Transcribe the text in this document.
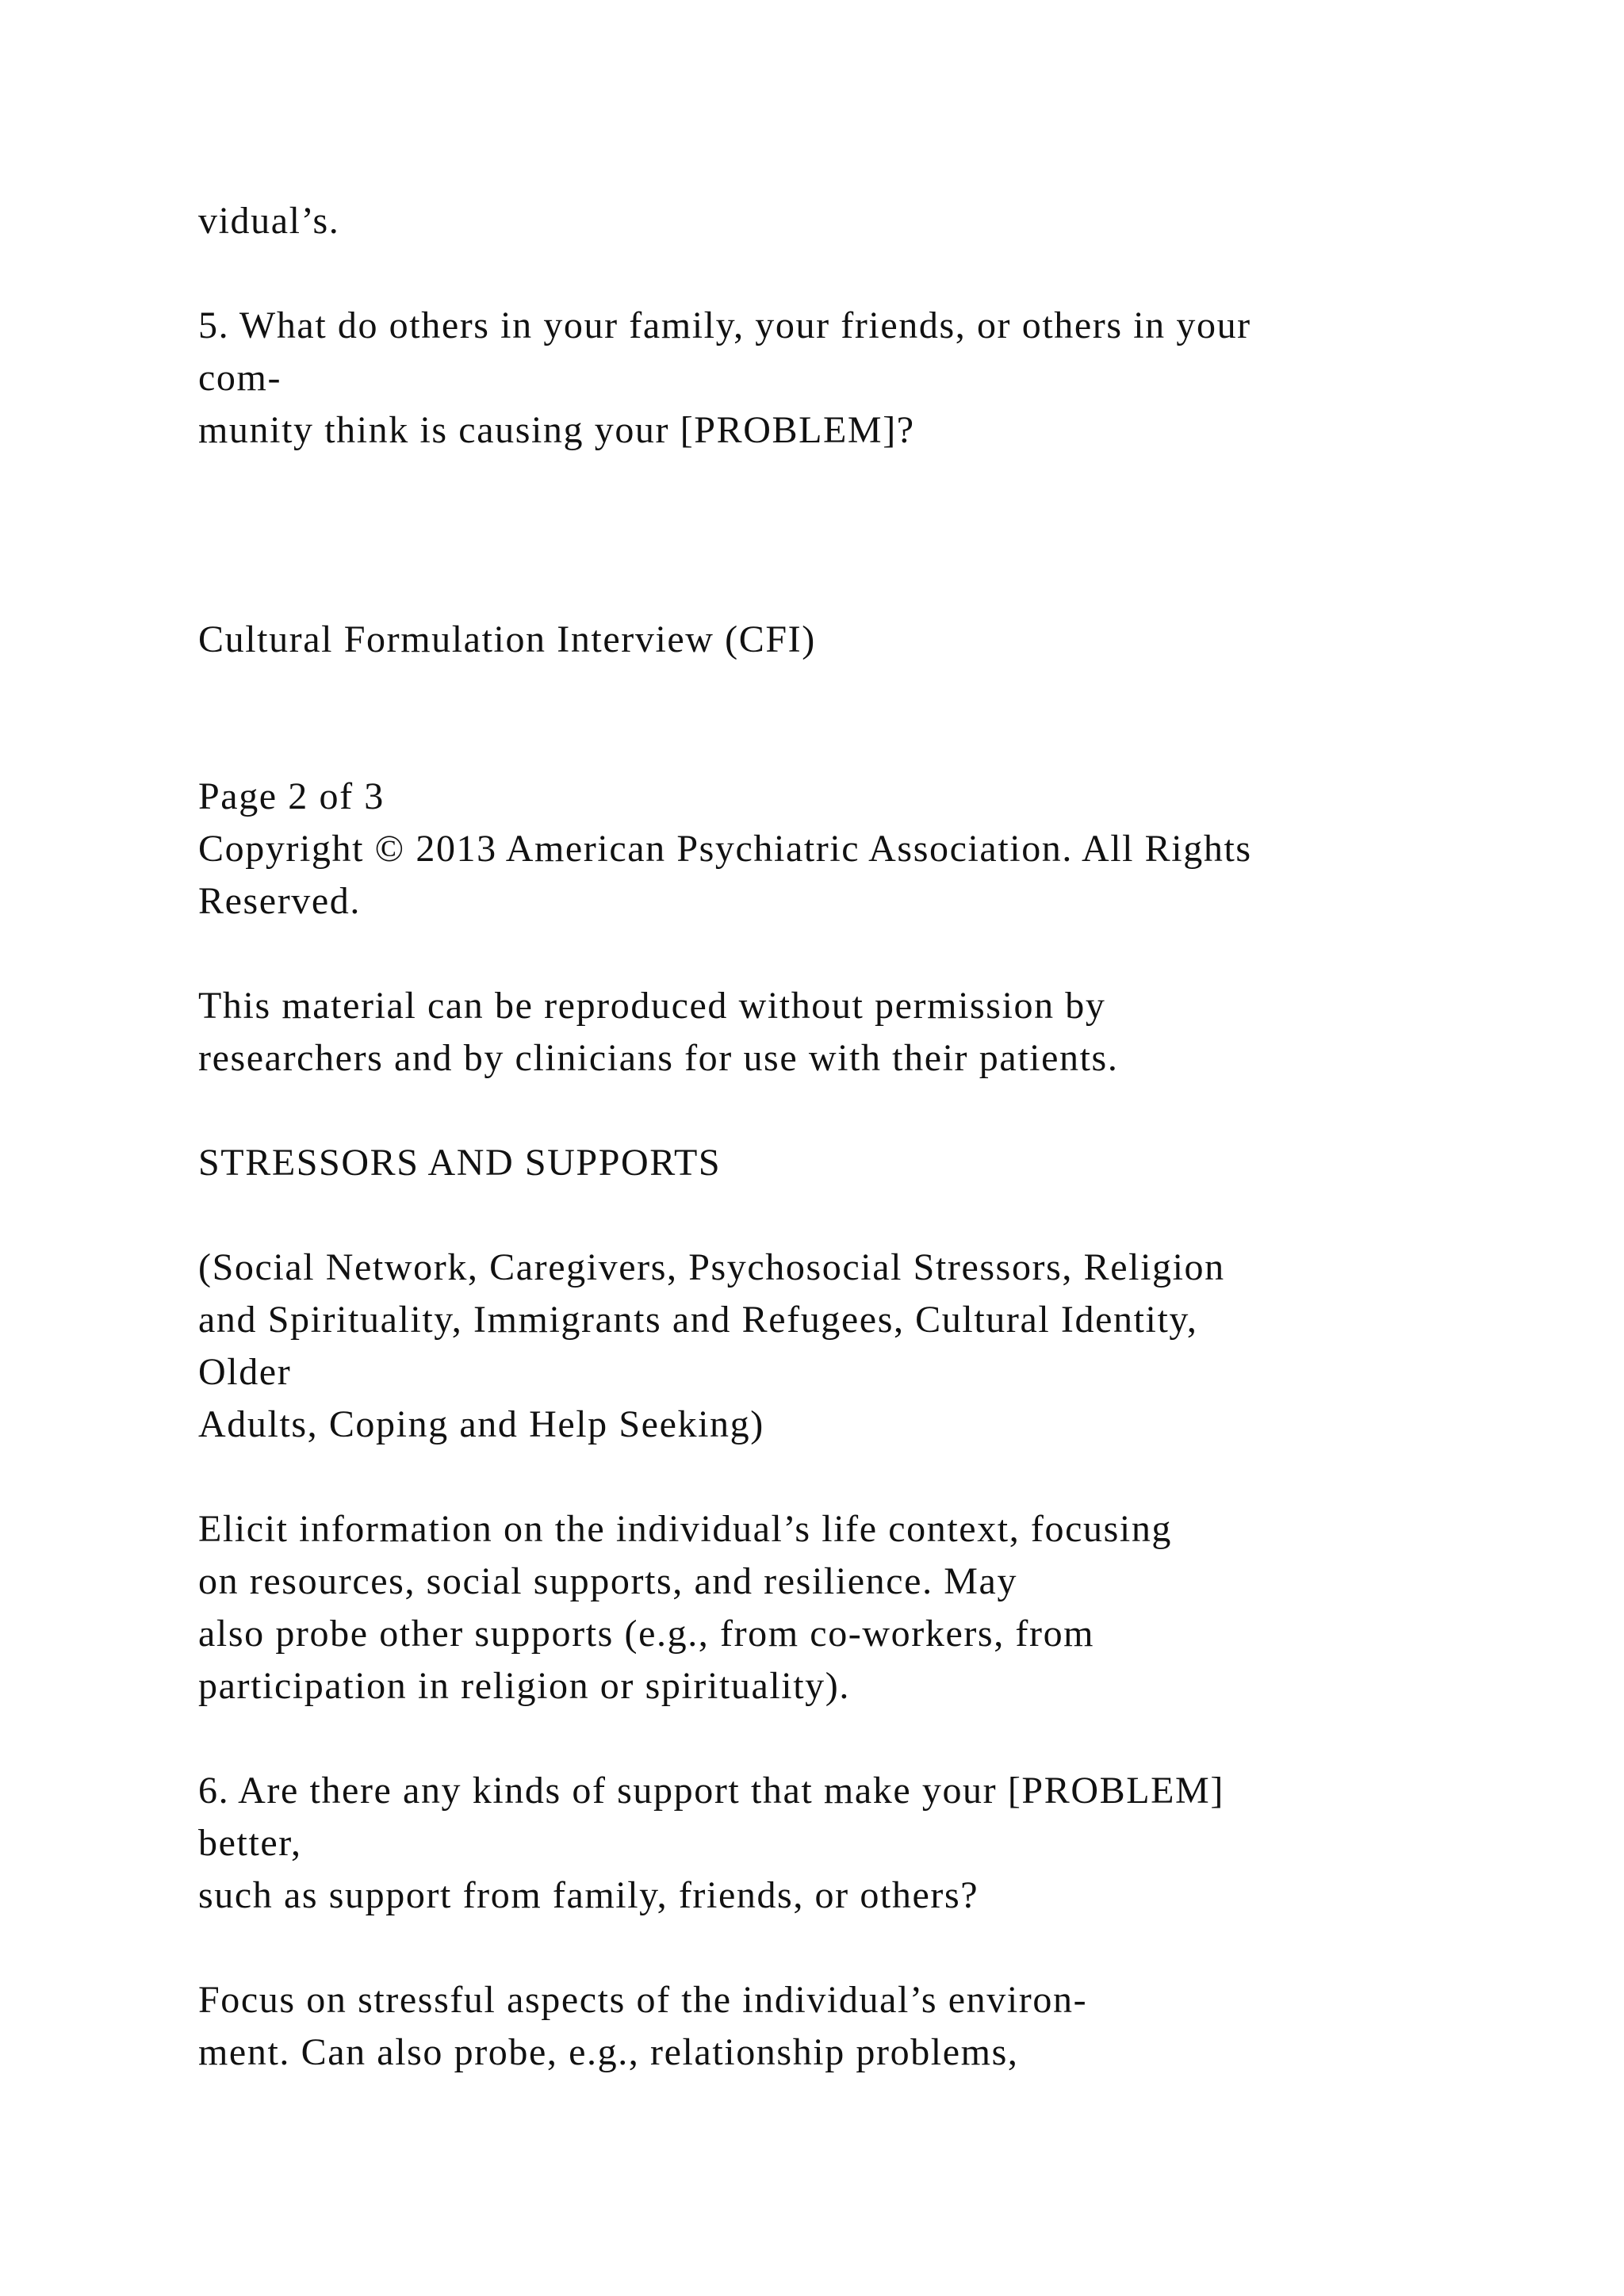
vidual’s.
5. What do others in your family, your friends, or others in your
com-
munity think is causing your [PROBLEM]?
Cultural Formulation Interview (CFI)
Page 2 of 3
Copyright © 2013 American Psychiatric Association. All Rights
Reserved.
This material can be reproduced without permission by
researchers and by clinicians for use with their patients.
STRESSORS AND SUPPORTS
(Social Network, Caregivers, Psychosocial Stressors, Religion
and Spirituality, Immigrants and Refugees, Cultural Identity,
Older
Adults, Coping and Help Seeking)
Elicit information on the individual’s life context, focusing
on resources, social supports, and resilience. May
also probe other supports (e.g., from co-workers, from
participation in religion or spirituality).
6. Are there any kinds of support that make your [PROBLEM]
better,
such as support from family, friends, or others?
Focus on stressful aspects of the individual’s environ-
ment. Can also probe, e.g., relationship problems,
